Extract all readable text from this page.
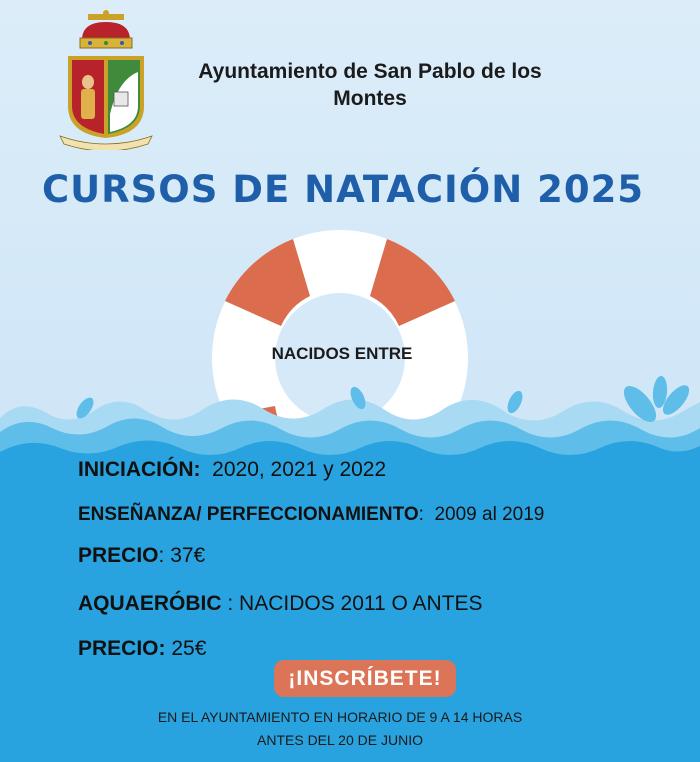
NACIDOS ENTRE
Ayuntamiento de San Pablo de los
Montes
CURSOS DE NATACIÓN 2025
INICIACIÓN: 2020, 2021 y 2022
ENSEÑANZA/ PERFECCIONAMIENTO: 2009 al 2019
PRECIO: 37€
AQUAERÓBIC : NACIDOS 2011 O ANTES
PRECIO: 25€
¡INSCRÍBETE!
EN EL AYUNTAMIENTO EN HORARIO DE 9 A 14 HORAS
ANTES DEL 20 DE JUNIO
